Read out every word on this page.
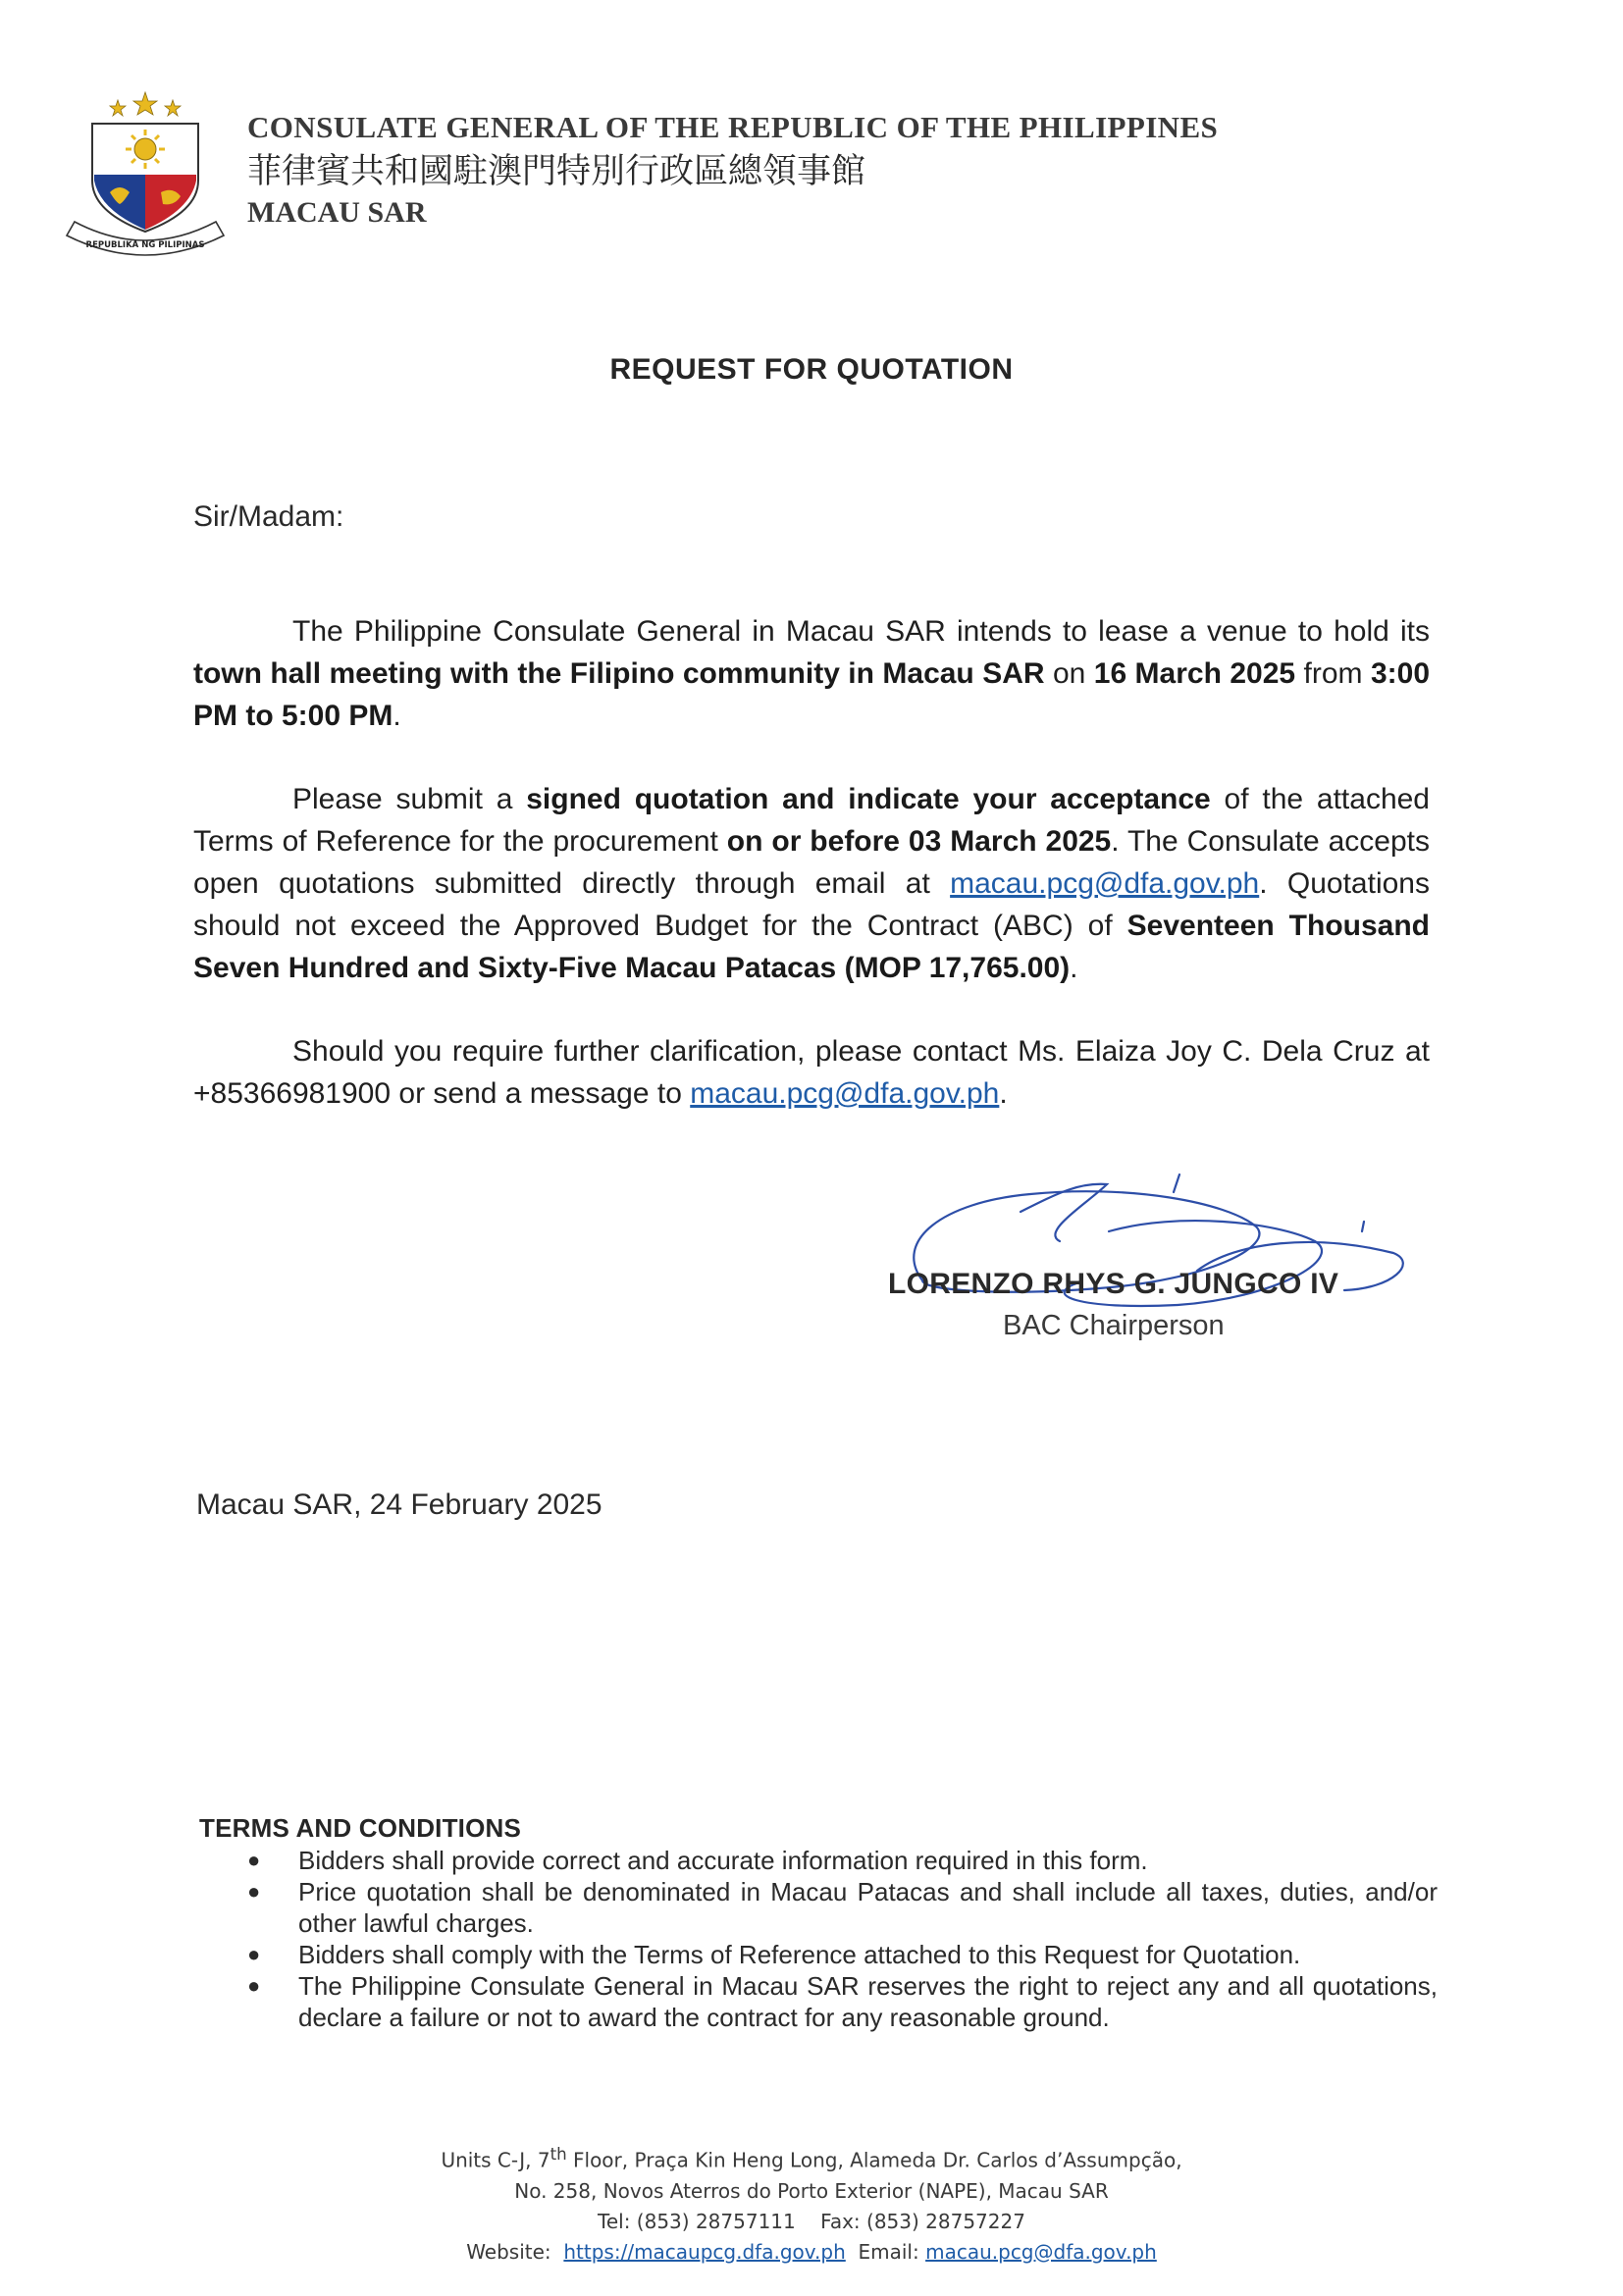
REPUBLIKA NG PILIPINAS
CONSULATE GENERAL OF THE REPUBLIC OF THE PHILIPPINES
菲律賓共和國駐澳門特別行政區總領事館
MACAU SAR
REQUEST FOR QUOTATION
Sir/Madam:

The Philippine Consulate General in Macau SAR intends to lease a venue to hold its town hall meeting with the Filipino community in Macau SAR on 16 March 2025 from 3:00 PM to 5:00 PM.

Please submit a signed quotation and indicate your acceptance of the attached Terms of Reference for the procurement on or before 03 March 2025. The Consulate accepts open quotations submitted directly through email at macau.pcg@dfa.gov.ph. Quotations should not exceed the Approved Budget for the Contract (ABC) of Seventeen Thousand Seven Hundred and Sixty-Five Macau Patacas (MOP 17,765.00).

Should you require further clarification, please contact Ms. Elaiza Joy C. Dela Cruz at +85366981900 or send a message to macau.pcg@dfa.gov.ph.

LORENZO RHYS G. JUNGCO IV
BAC Chairperson
Macau SAR, 24 February 2025
TERMS AND CONDITIONS
● Bidders shall provide correct and accurate information required in this form.
● Price quotation shall be denominated in Macau Patacas and shall include all taxes, duties, and/or other lawful charges.
● Bidders shall comply with the Terms of Reference attached to this Request for Quotation.
● The Philippine Consulate General in Macau SAR reserves the right to reject any and all quotations, declare a failure or not to award the contract for any reasonable ground.
Units C-J, 7th Floor, Praça Kin Heng Long, Alameda Dr. Carlos d’Assumpção,
No. 258, Novos Aterros do Porto Exterior (NAPE), Macau SAR
Tel: (853) 28757111    Fax: (853) 28757227
Website: https://macaupcg.dfa.gov.ph Email: macau.pcg@dfa.gov.ph
